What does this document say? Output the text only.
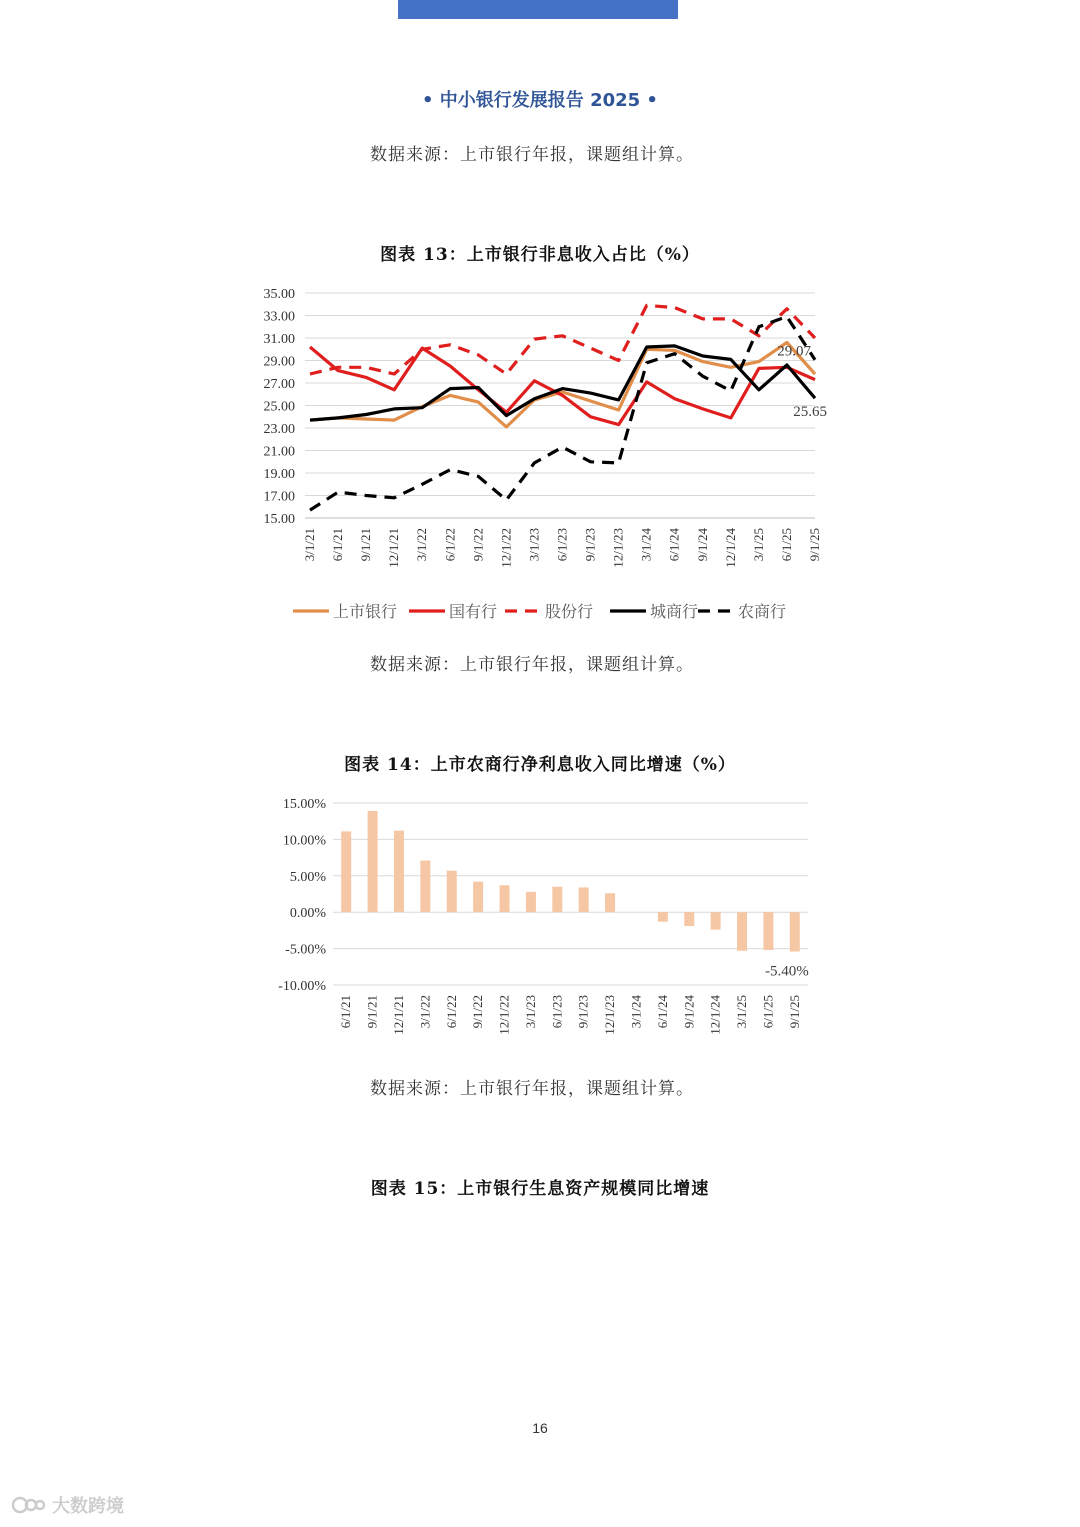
• 中小银行发展报告 2025 •
数据来源：上市银行年报，课题组计算。
图表 13：上市银行非息收入占比（%）
35.00
33.00
31.00
29.00
27.00
25.00
23.00
21.00
19.00
17.00
15.00
3/1/21 6/1/21 9/1/21 12/1/21 3/1/22 6/1/22 9/1/22 12/1/22 3/1/23 6/1/23 9/1/23 12/1/23 3/1/24 6/1/24 9/1/24 12/1/24 3/1/25 6/1/25 9/1/25
29.07
25.65
上市银行	国有行	股份行	城商行 农商行
数据来源：上市银行年报，课题组计算。
图表 14：上市农商行净利息收入同比增速（%）
15.00%
10.00%
5.00%
0.00%
-5.00%
-10.00%
6/1/21 9/1/21 12/1/21 3/1/22 6/1/22 9/1/22 12/1/22 3/1/23 6/1/23 9/1/23 12/1/23 3/1/24 6/1/24 9/1/24 12/1/24 3/1/25 6/1/25 9/1/25
-5.40%
数据来源：上市银行年报，课题组计算。
图表 15：上市银行生息资产规模同比增速
16
大数跨境
